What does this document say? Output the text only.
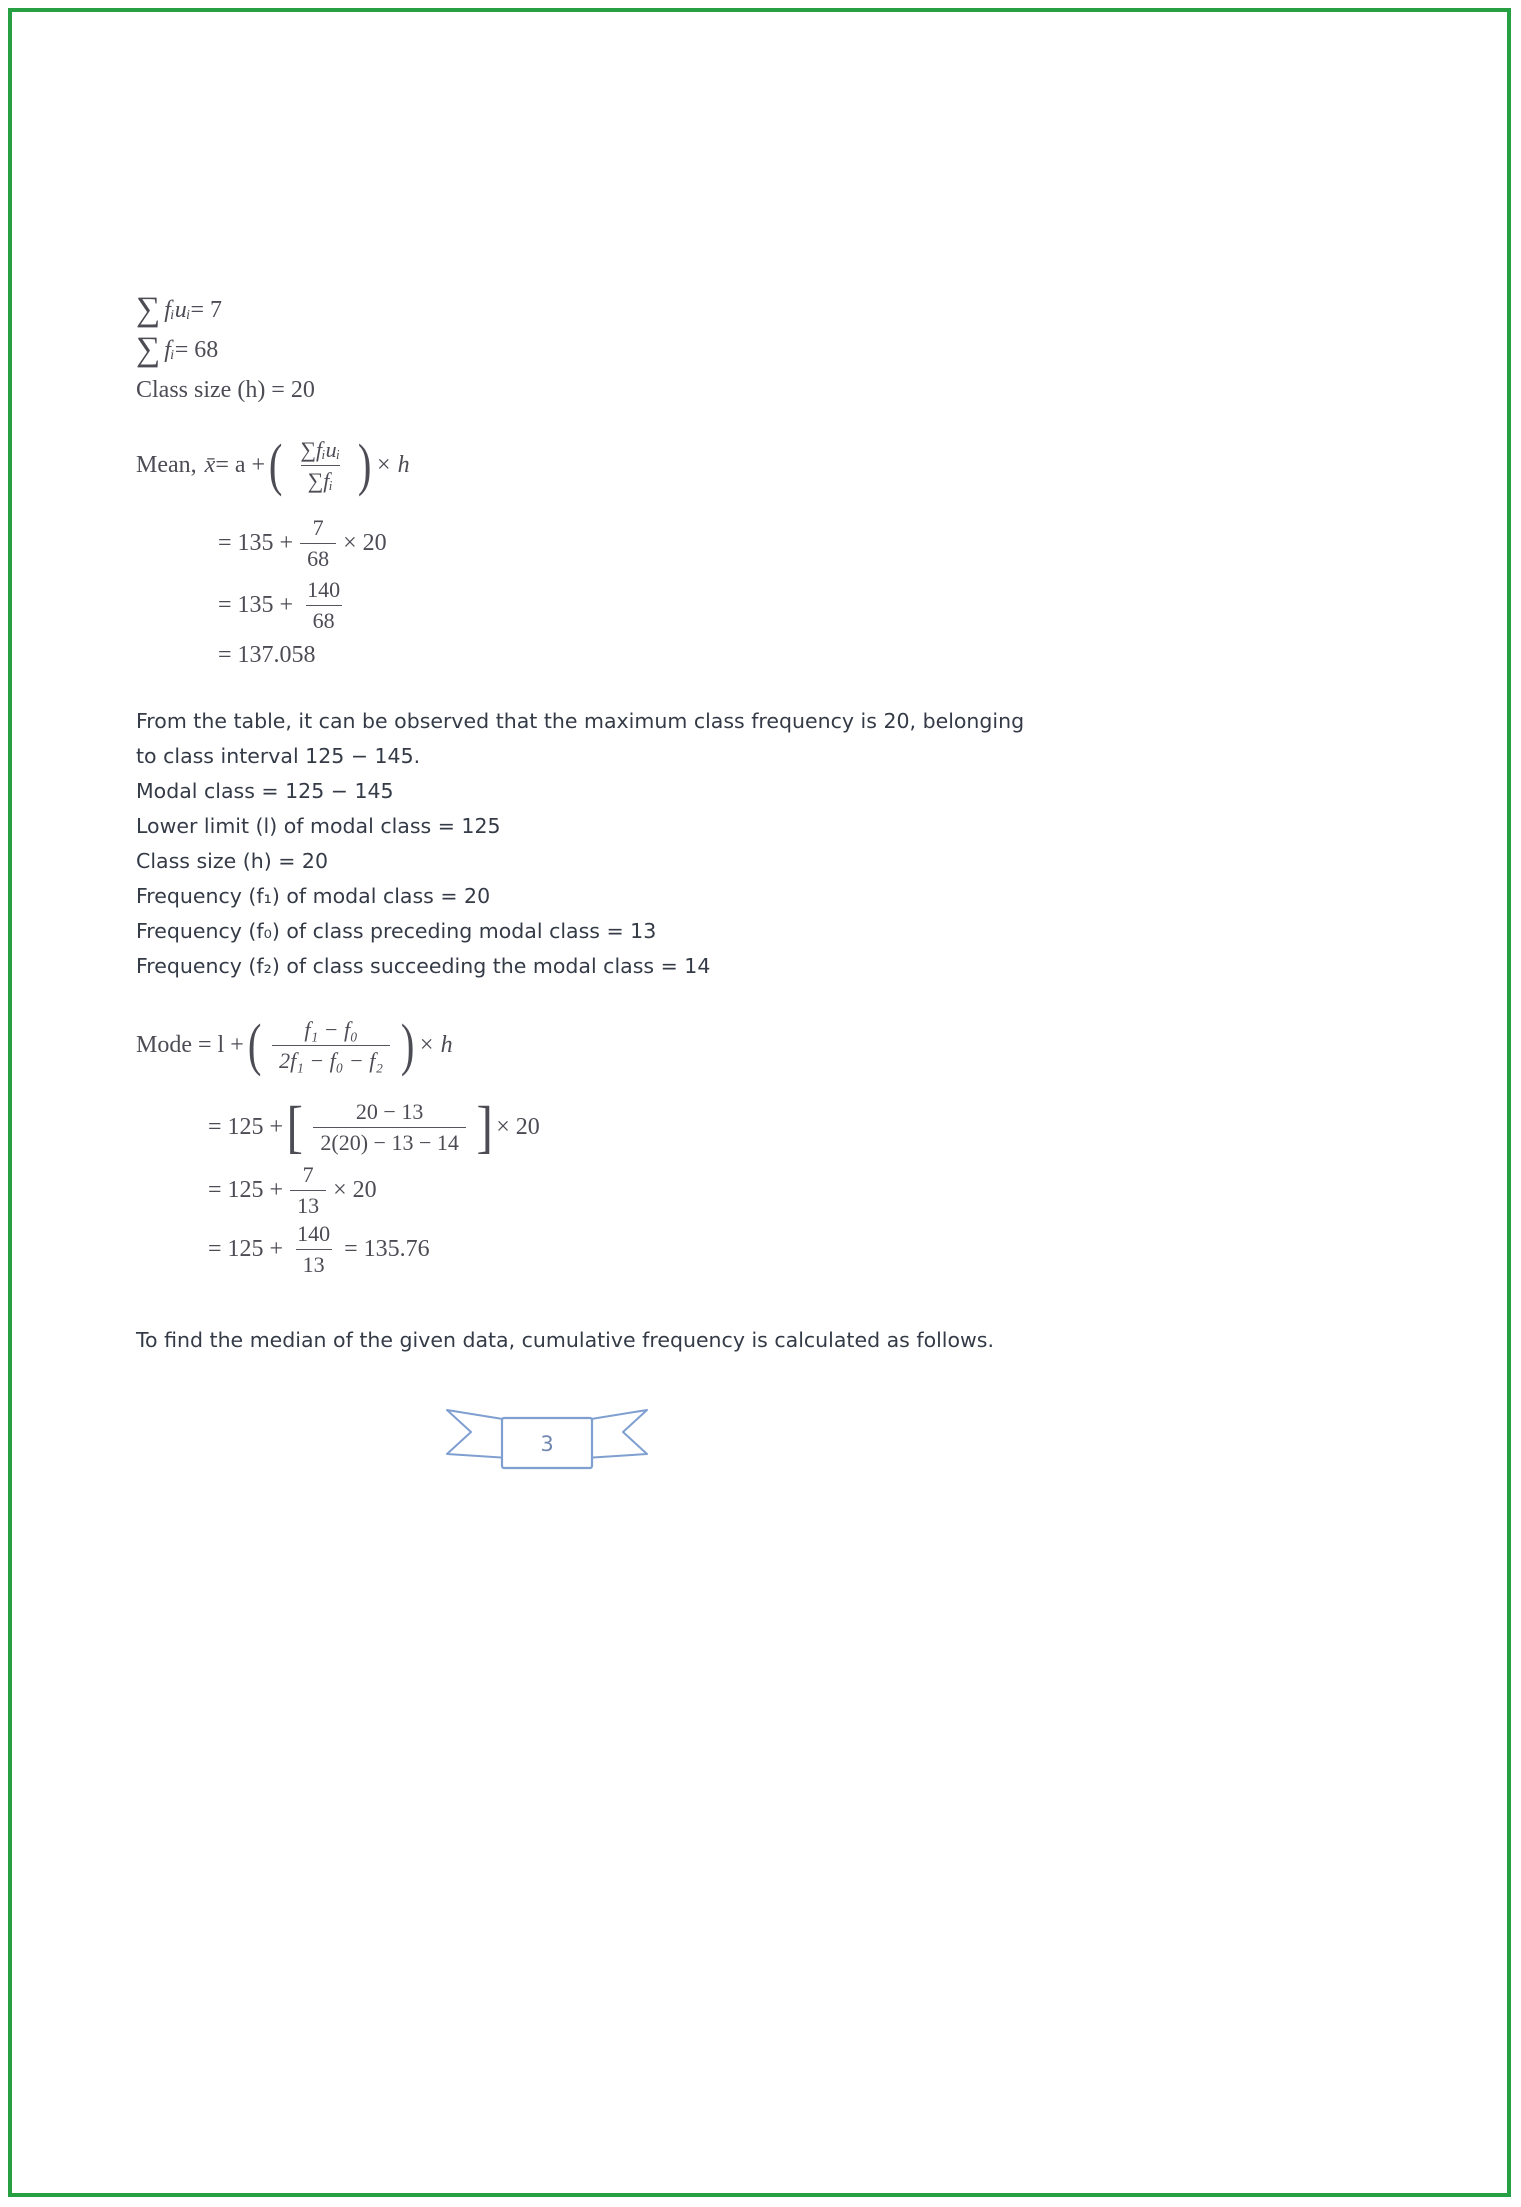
∑ fᵢuᵢ = 7
∑ fᵢ = 68
Class size (h) = 20
Mean, x̄ = a + ( $\frac{\text{∑fᵢuᵢ}}{\text{∑fᵢ}}$ ) × h
= $135 + \frac{7}{68} \times 20$
= $135 + \frac{140}{68}$
= 137.058
From the table, it can be observed that the maximum class frequency is 20, belonging to class interval 125 − 145.
Modal class = 125 − 145
Lower limit (l) of modal class = 125
Class size (h) = 20
Frequency (f₁) of modal class = 20
Frequency (f₀) of class preceding modal class = 13
Frequency (f₂) of class succeeding the modal class = 14
Mode = l + ( $\frac{\text{f₁ − f₀}}{\text{2f₁ − f₀ − f₂}}$ ) × h
= 125 + [ $\frac{20 - 13}{2(20) - 13 - 14}$ ] × 20
= $125 + \frac{7}{13} \times 20$
= $125 + \frac{140}{13} = 135.76$
To find the median of the given data, cumulative frequency is calculated as follows.
3
